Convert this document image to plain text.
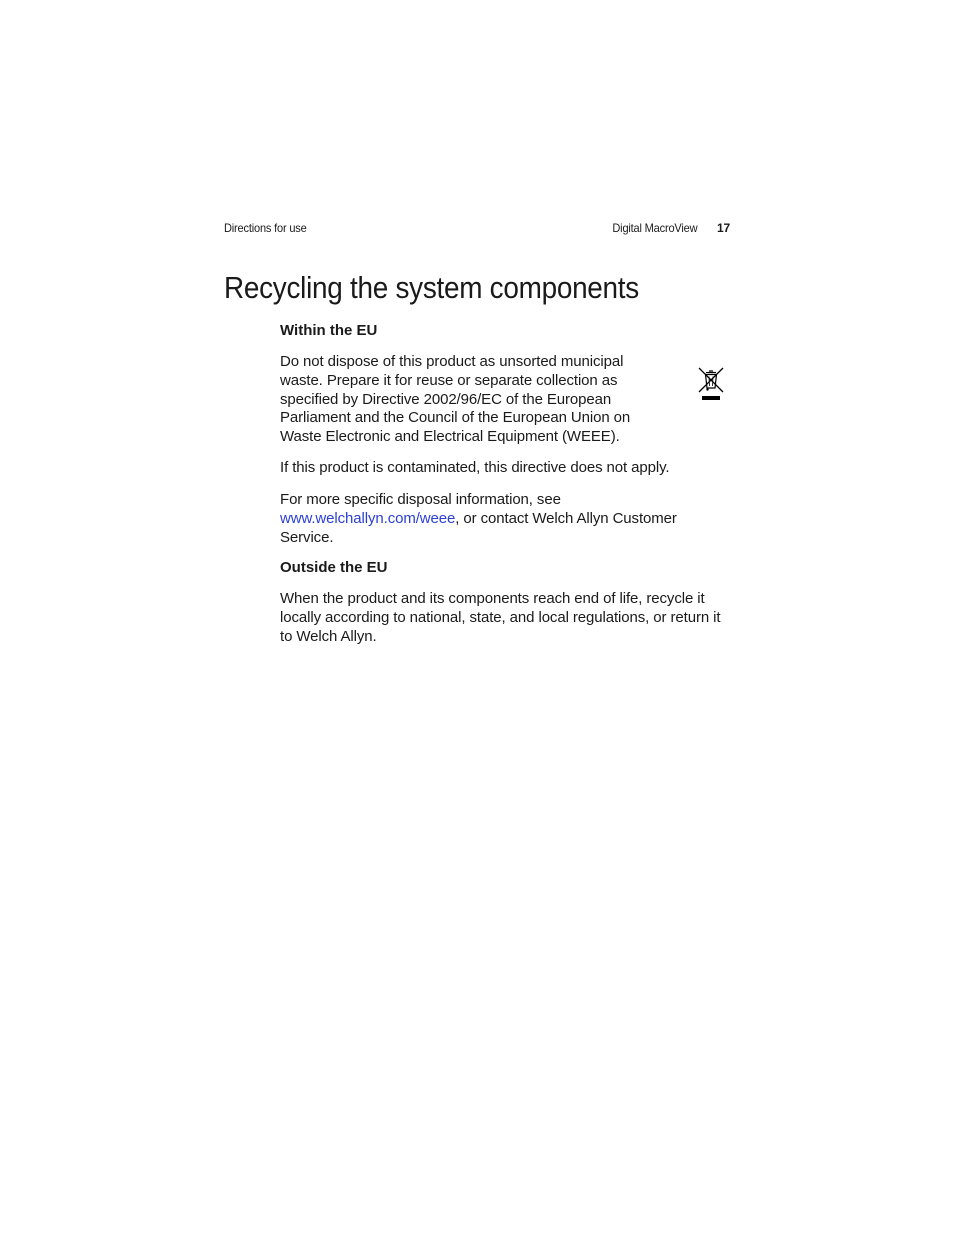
Directions for use	Digital MacroView 17
Recycling the system components
Within the EU

Do not dispose of this product as unsorted municipal waste. Prepare it for reuse or separate collection as specified by Directive 2002/96/EC of the European Parliament and the Council of the European Union on Waste Electronic and Electrical Equipment (WEEE).

If this product is contaminated, this directive does not apply.

For more specific disposal information, see www.welchallyn.com/weee, or contact Welch Allyn Customer Service.

Outside the EU

When the product and its components reach end of life, recycle it locally according to national, state, and local regulations, or return it to Welch Allyn.
